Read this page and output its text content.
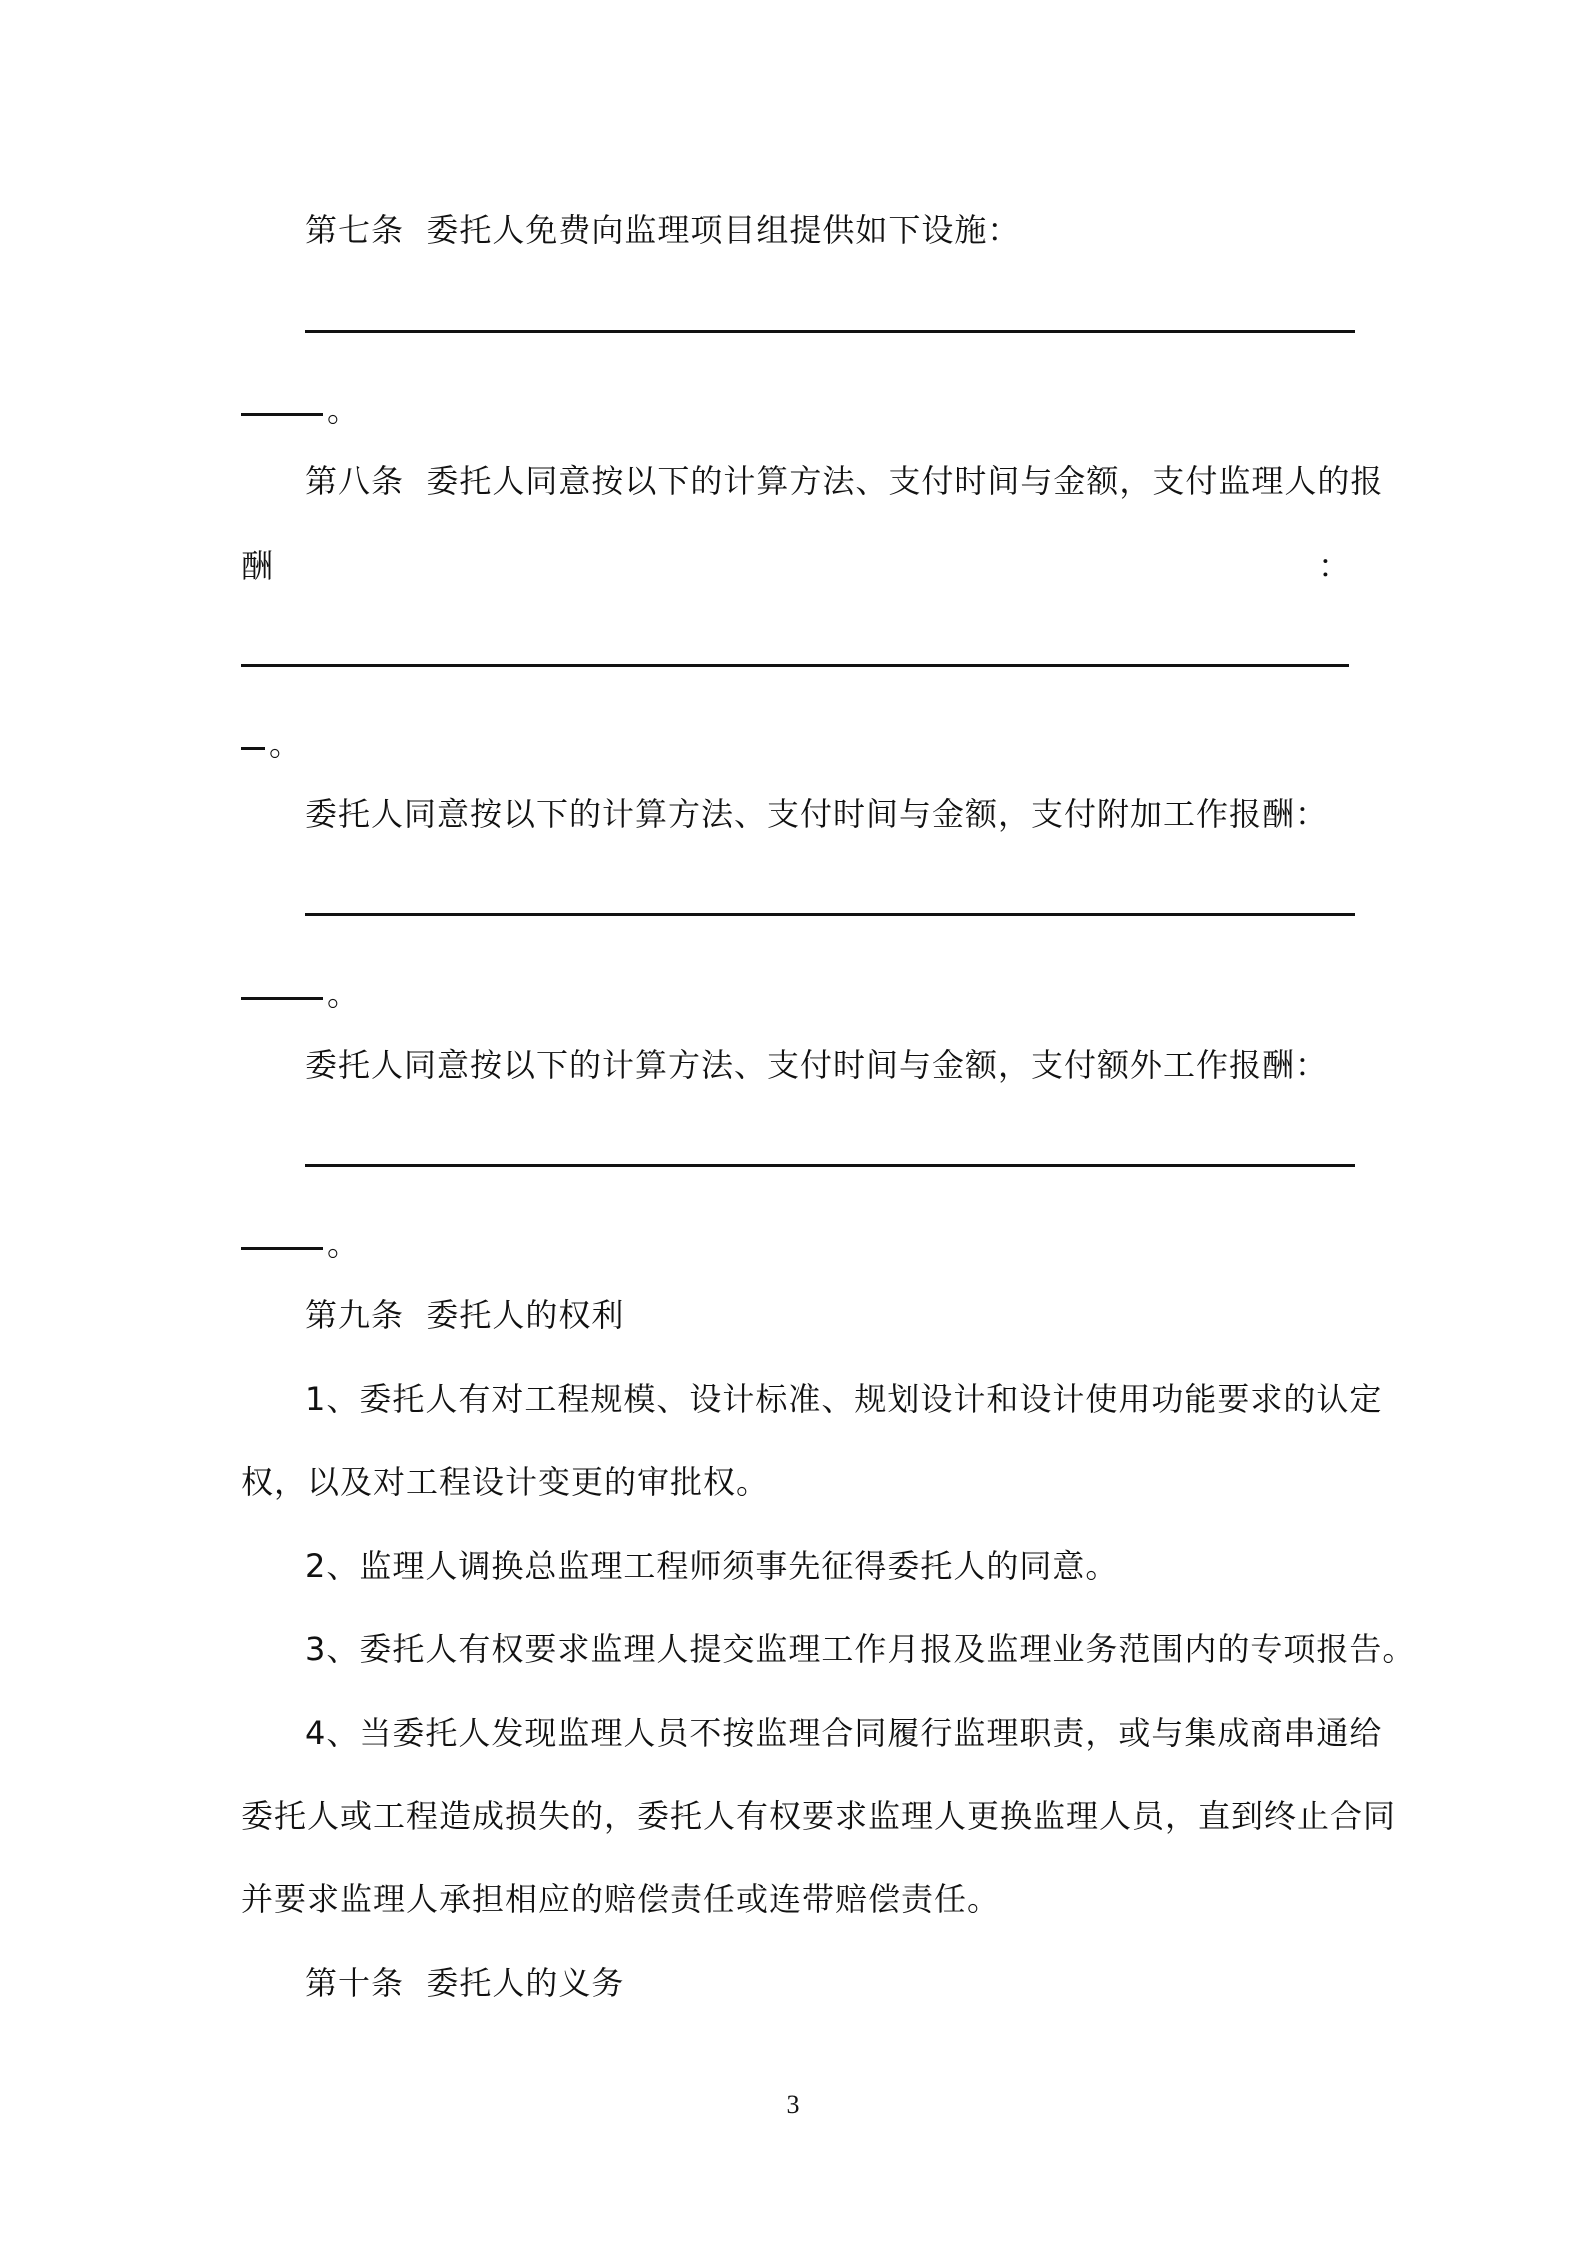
第七条  委托人免费向监理项目组提供如下设施：
。
第八条  委托人同意按以下的计算方法、支付时间与金额，支付监理人的报
酬	：
。
委托人同意按以下的计算方法、支付时间与金额，支付附加工作报酬：
。
委托人同意按以下的计算方法、支付时间与金额，支付额外工作报酬：
。
第九条  委托人的权利
1、委托人有对工程规模、设计标准、规划设计和设计使用功能要求的认定
权，以及对工程设计变更的审批权。
2、监理人调换总监理工程师须事先征得委托人的同意。
3、委托人有权要求监理人提交监理工作月报及监理业务范围内的专项报告。
4、当委托人发现监理人员不按监理合同履行监理职责，或与集成商串通给
委托人或工程造成损失的，委托人有权要求监理人更换监理人员，直到终止合同
并要求监理人承担相应的赔偿责任或连带赔偿责任。
第十条  委托人的义务
3
